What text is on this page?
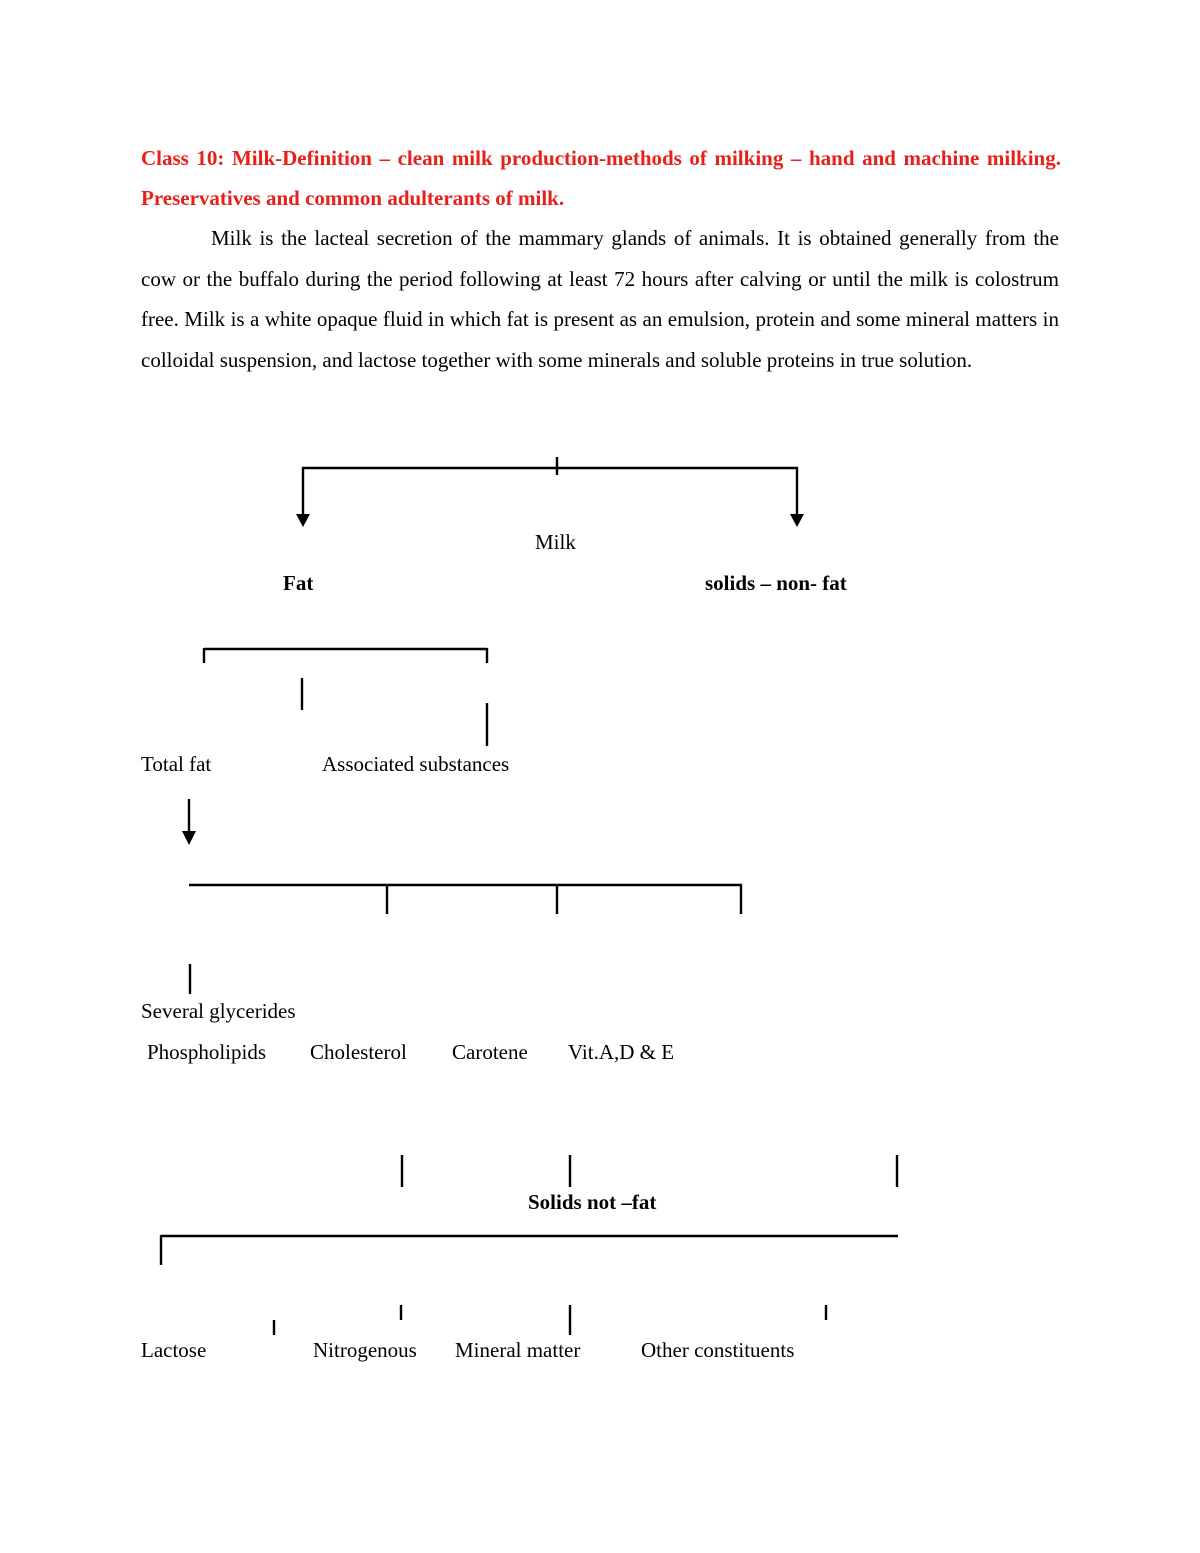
Class 10: Milk-Definition – clean milk production-methods of milking – hand and machine milking. Preservatives and common adulterants of milk.

Milk is the lacteal secretion of the mammary glands of animals. It is obtained generally from the cow or the buffalo during the period following at least 72 hours after calving or until the milk is colostrum free. Milk is a white opaque fluid in which fat is present as an emulsion, protein and some mineral matters in colloidal suspension, and lactose together with some minerals and soluble proteins in true solution.

Milk
Fat	solids – non- fat
Total fat	Associated substances
Several glycerides
Phospholipids Cholesterol Carotene Vit.A,D & E
Solids not –fat
Lactose	Nitrogenous Mineral matter	Other constituents
